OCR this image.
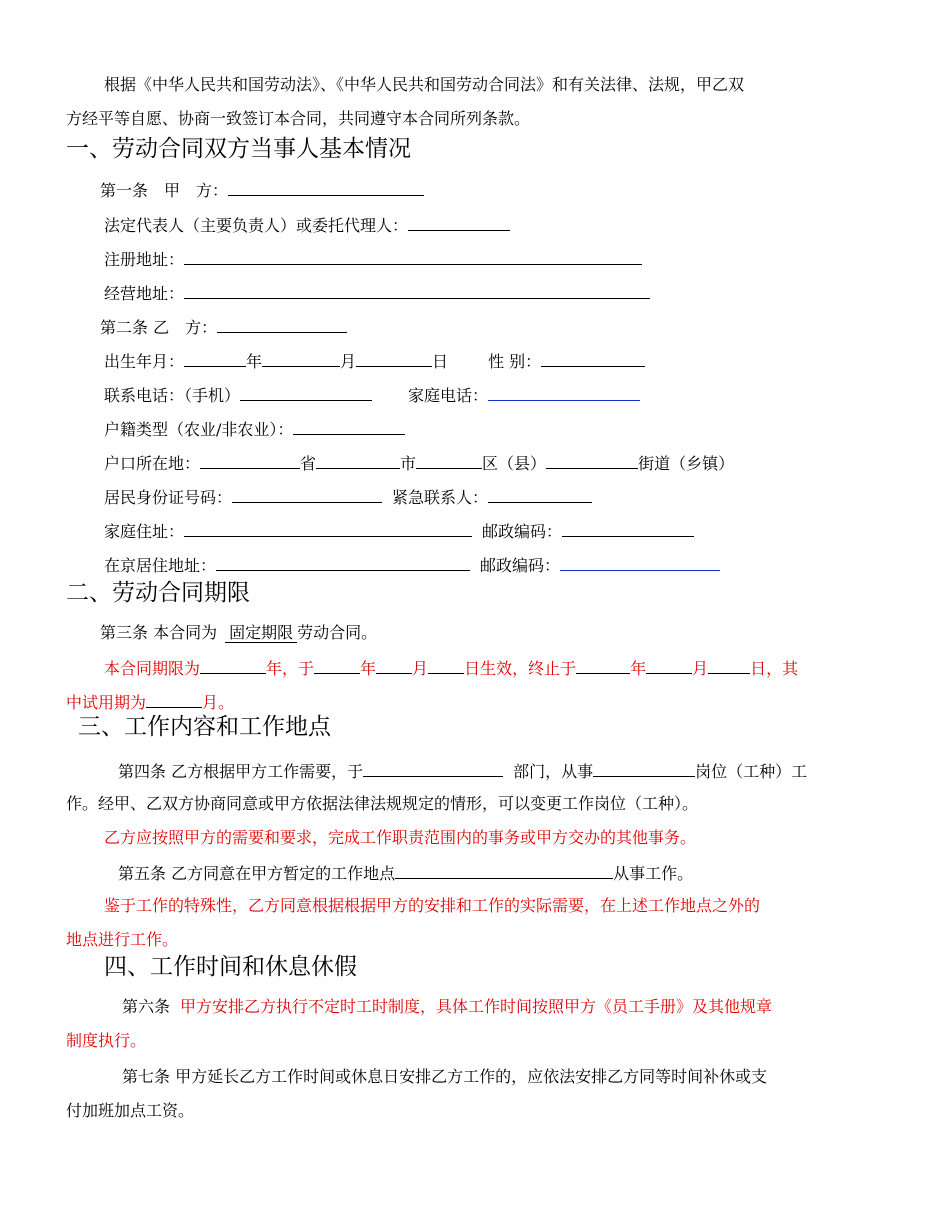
根据《中华人民共和国劳动法》、《中华人民共和国劳动合同法》和有关法律、法规，甲乙双
方经平等自愿、协商一致签订本合同，共同遵守本合同所列条款。
一、劳动合同双方当事人基本情况
第一条　甲　方：
法定代表人（主要负责人）或委托代理人：
注册地址：
经营地址：
第二条 乙　方：
出生年月：	年	月	日	性 别：
联系电话：（手机）	家庭电话：
户籍类型（农业/非农业）：
户口所在地：	省	市	区（县）	街道（乡镇）
居民身份证号码：	紧急联系人：
家庭住址：	邮政编码：
在京居住地址：	邮政编码：
二、劳动合同期限
第三条 本合同为 固定期限 劳动合同。
本合同期限为	年，于	年 月 日生效，终止于	年	月	日，其
中试用期为	月。
三、工作内容和工作地点
第四条 乙方根据甲方工作需要，于	部门，从事	岗位（工种）工
作。经甲、乙双方协商同意或甲方依据法律法规规定的情形，可以变更工作岗位（工种）。
乙方应按照甲方的需要和要求，完成工作职责范围内的事务或甲方交办的其他事务。
第五条 乙方同意在甲方暂定的工作地点	从事工作。
鉴于工作的特殊性，乙方同意根据根据甲方的安排和工作的实际需要，在上述工作地点之外的
地点进行工作。
四、工作时间和休息休假
第六条 甲方安排乙方执行不定时工时制度，具体工作时间按照甲方《员工手册》及其他规章
制度执行。
第七条 甲方延长乙方工作时间或休息日安排乙方工作的，应依法安排乙方同等时间补休或支
付加班加点工资。
